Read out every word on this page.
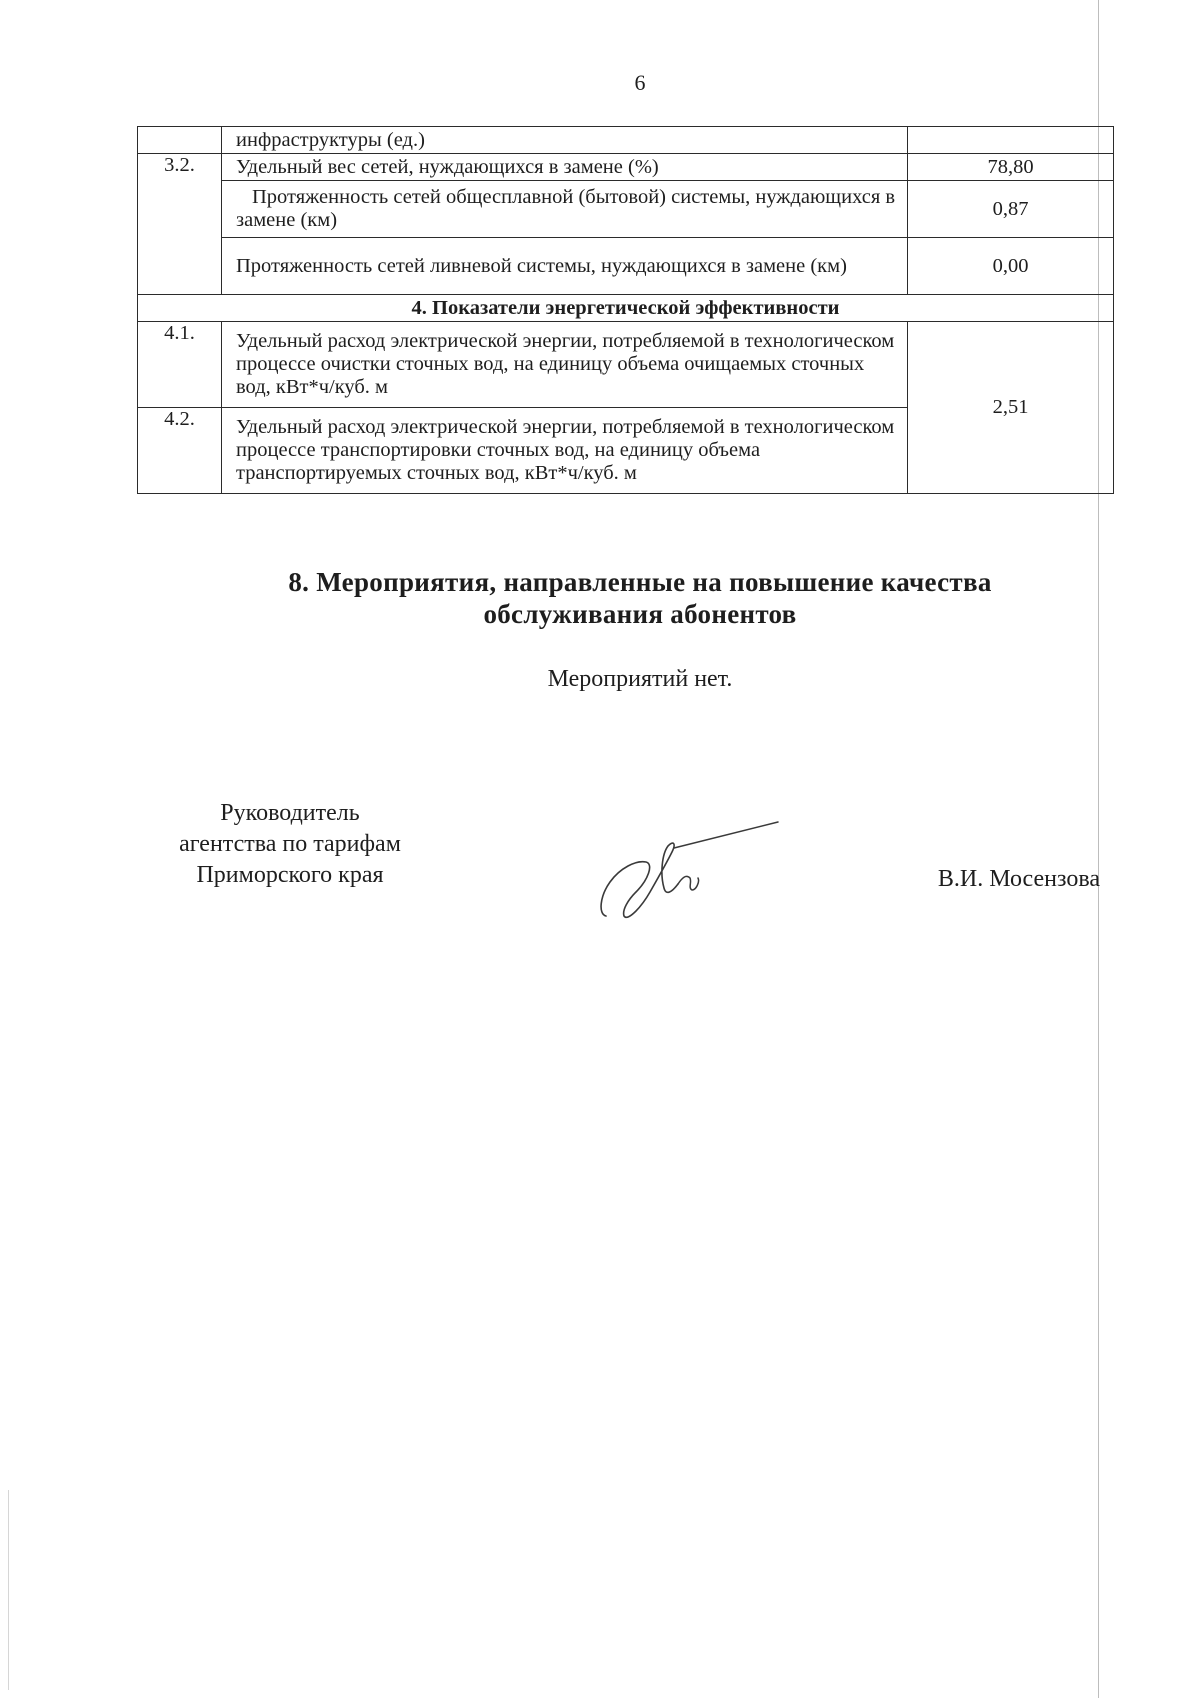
6
	инфраструктуры (ед.)	
3.2.	Удельный вес сетей, нуждающихся в замене (%)	78,80
	Протяженность сетей общесплавной (бытовой) системы, нуждающихся в замене (км)	0,87
	Протяженность сетей ливневой системы, нуждающихся в замене (км)	0,00
4. Показатели энергетической эффективности		
4.1.	Удельный расход электрической энергии, потребляемой в технологическом процессе очистки сточных вод, на единицу объема очищаемых сточных вод, кВт*ч/куб. м	2,51
4.2.	Удельный расход электрической энергии, потребляемой в технологическом процессе транспортировки сточных вод, на единицу объема транспортируемых сточных вод, кВт*ч/куб. м	
8. Мероприятия, направленные на повышение качества обслуживания абонентов
Мероприятий нет.
Руководитель
агентства по тарифам
Приморского края	В.И. Мосензова
